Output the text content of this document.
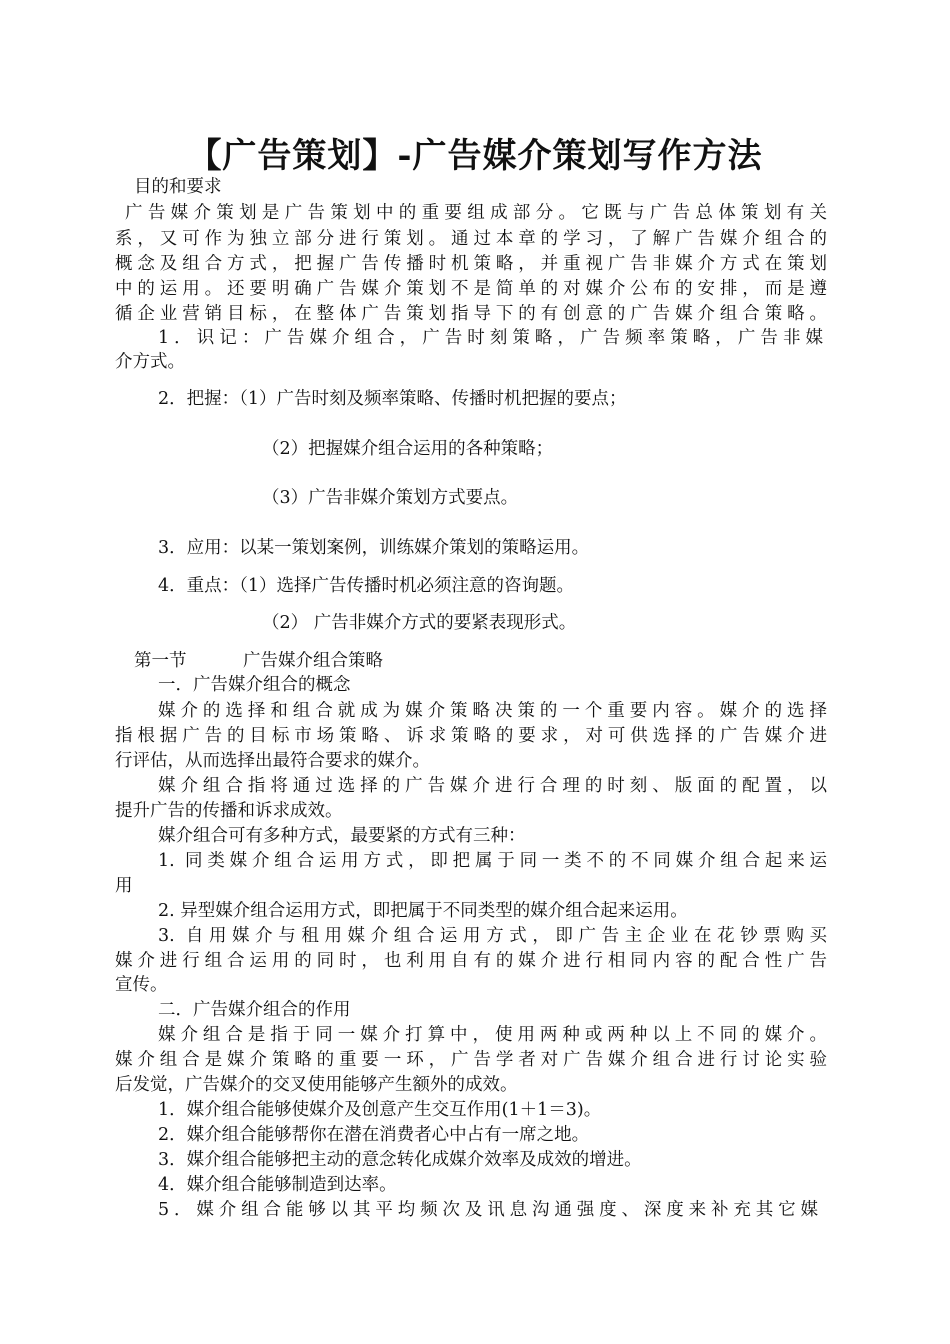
【广告策划】-广告媒介策划写作方法
目的和要求
广告媒介策划是广告策划中的重要组成部分。它既与广告总体策划有关
系，又可作为独立部分进行策划。通过本章的学习，了解广告媒介组合的
概念及组合方式，把握广告传播时机策略，并重视广告非媒介方式在策划
中的运用。还要明确广告媒介策划不是简单的对媒介公布的安排，而是遵
循企业营销目标，在整体广告策划指导下的有创意的广告媒介组合策略。
1．识记：广告媒介组合，广告时刻策略，广告频率策略，广告非媒
介方式。
2．把握：（1）广告时刻及频率策略、传播时机把握的要点；
（2）把握媒介组合运用的各种策略；
（3）广告非媒介策划方式要点。
3．应用：以某一策划案例，训练媒介策划的策略运用。
4．重点：（1）选择广告传播时机必须注意的咨询题。
（2） 广告非媒介方式的要紧表现形式。
第一节	广告媒介组合策略
一．广告媒介组合的概念
媒介的选择和组合就成为媒介策略决策的一个重要内容。媒介的选择
指根据广告的目标市场策略、诉求策略的要求，对可供选择的广告媒介进
行评估，从而选择出最符合要求的媒介。
媒介组合指将通过选择的广告媒介进行合理的时刻、版面的配置，以
提升广告的传播和诉求成效。
媒介组合可有多种方式，最要紧的方式有三种：
1. 同类媒介组合运用方式，即把属于同一类不的不同媒介组合起来运
用
2. 异型媒介组合运用方式，即把属于不同类型的媒介组合起来运用。
3. 自用媒介与租用媒介组合运用方式，即广告主企业在花钞票购买
媒介进行组合运用的同时，也利用自有的媒介进行相同内容的配合性广告
宣传。
二．广告媒介组合的作用
媒介组合是指于同一媒介打算中，使用两种或两种以上不同的媒介。
媒介组合是媒介策略的重要一环，广告学者对广告媒介组合进行讨论实验
后发觉，广告媒介的交叉使用能够产生额外的成效。
1．媒介组合能够使媒介及创意产生交互作用(1＋1＝3)。
2．媒介组合能够帮你在潜在消费者心中占有一席之地。
3．媒介组合能够把主动的意念转化成媒介效率及成效的增进。
4．媒介组合能够制造到达率。
5．媒介组合能够以其平均频次及讯息沟通强度、深度来补充其它媒
